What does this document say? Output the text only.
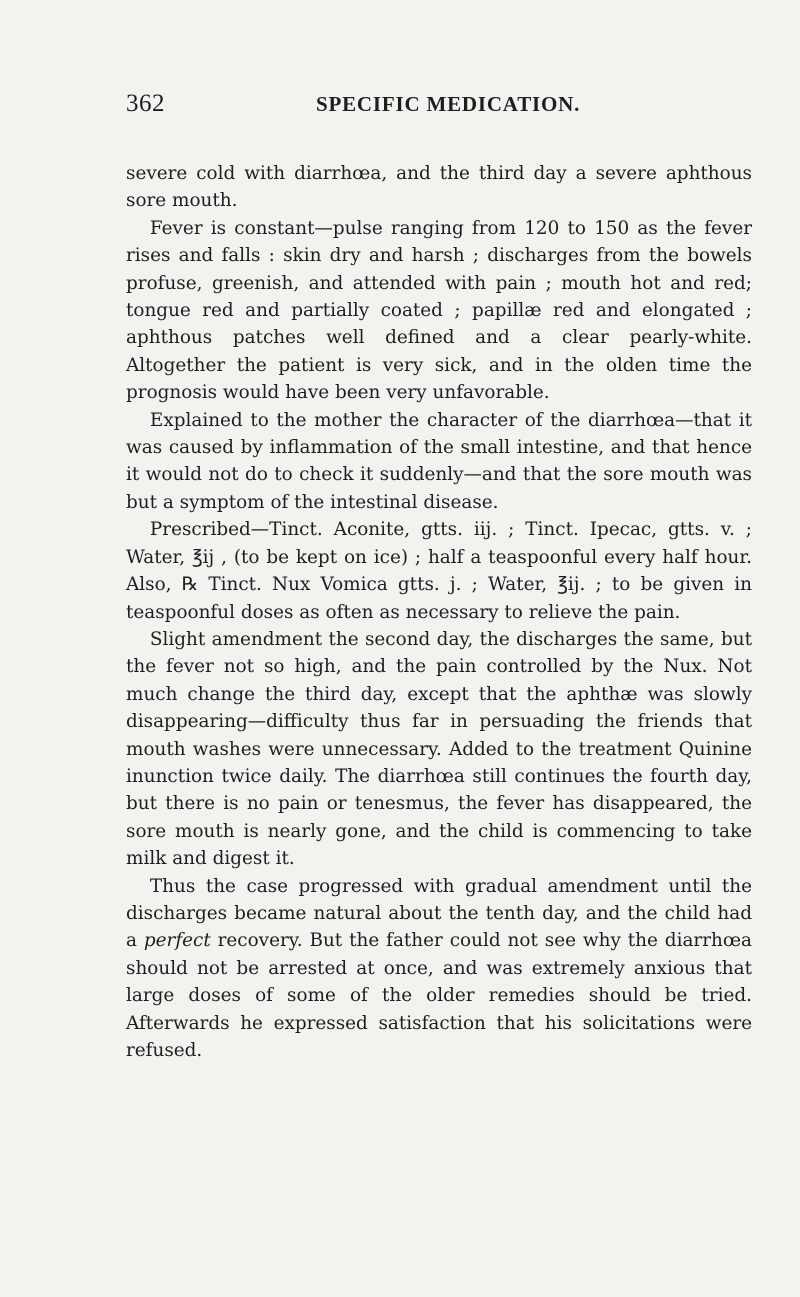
362	SPECIFIC MEDICATION.

severe cold with diarrhœa, and the third day a severe aphthous sore mouth.

Fever is constant—pulse ranging from 120 to 150 as the fever rises and falls : skin dry and harsh ; discharges from the bowels profuse, greenish, and attended with pain ; mouth hot and red; tongue red and partially coated ; papillæ red and elongated ; aphthous patches well defined and a clear pearly-white. Altogether the patient is very sick, and in the olden time the prognosis would have been very unfavorable.

Explained to the mother the character of the diarrhœa—that it was caused by inflammation of the small intestine, and that hence it would not do to check it suddenly—and that the sore mouth was but a symptom of the intestinal disease.

Prescribed—Tinct. Aconite, gtts. iij. ; Tinct. Ipecac, gtts. v. ; Water, ℥ij , (to be kept on ice) ; half a teaspoonful every half hour. Also, ℞ Tinct. Nux Vomica gtts. j. ; Water, ℥ij. ; to be given in teaspoonful doses as often as necessary to relieve the pain.

Slight amendment the second day, the discharges the same, but the fever not so high, and the pain controlled by the Nux. Not much change the third day, except that the aphthæ was slowly disappearing—difficulty thus far in persuading the friends that mouth washes were unnecessary. Added to the treatment Quinine inunction twice daily. The diarrhœa still continues the fourth day, but there is no pain or tenesmus, the fever has disappeared, the sore mouth is nearly gone, and the child is commencing to take milk and digest it.

Thus the case progressed with gradual amendment until the discharges became natural about the tenth day, and the child had a perfect recovery. But the father could not see why the diarrhœa should not be arrested at once, and was extremely anxious that large doses of some of the older remedies should be tried. Afterwards he expressed satisfaction that his solicitations were refused.
